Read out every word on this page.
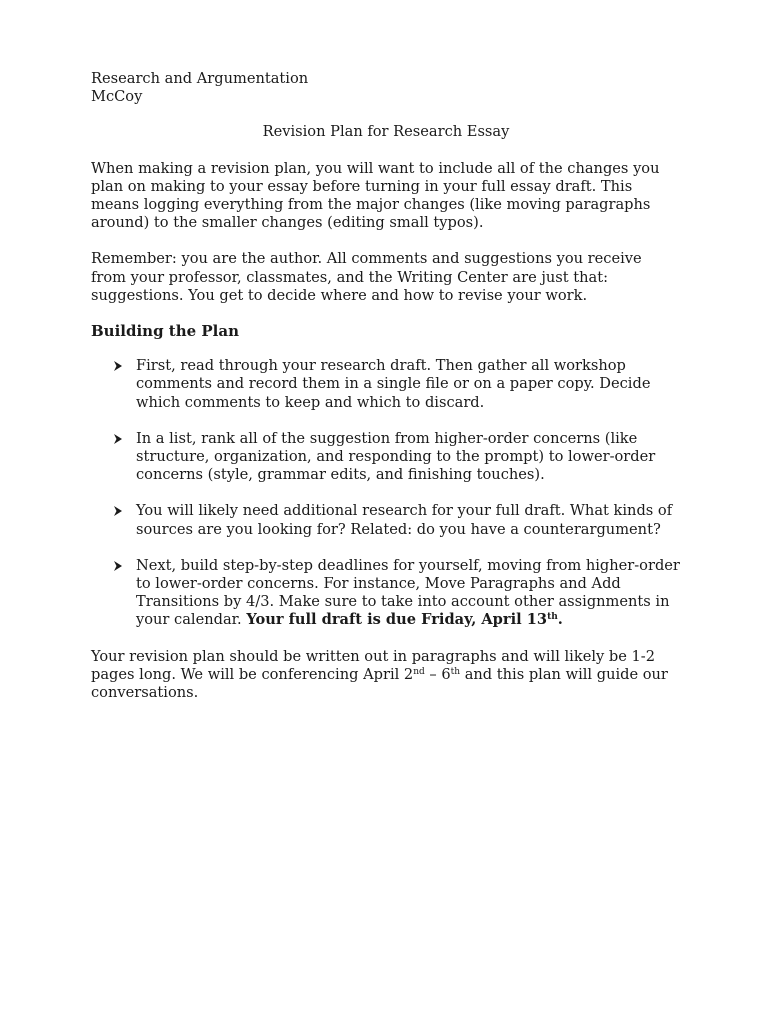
Research and Argumentation
McCoy

Revision Plan for Research Essay

When making a revision plan, you will want to include all of the changes you plan on making to your essay before turning in your full essay draft. This means logging everything from the major changes (like moving paragraphs around) to the smaller changes (editing small typos).

Remember: you are the author. All comments and suggestions you receive from your professor, classmates, and the Writing Center are just that: suggestions. You get to decide where and how to revise your work.

Building the Plan

First, read through your research draft. Then gather all workshop comments and record them in a single file or on a paper copy. Decide which comments to keep and which to discard.
In a list, rank all of the suggestion from higher-order concerns (like structure, organization, and responding to the prompt) to lower-order concerns (style, grammar edits, and finishing touches).
You will likely need additional research for your full draft. What kinds of sources are you looking for? Related: do you have a counterargument?
Next, build step-by-step deadlines for yourself, moving from higher-order to lower-order concerns. For instance, Move Paragraphs and Add Transitions by 4/3. Make sure to take into account other assignments in your calendar. Your full draft is due Friday, April 13th.

Your revision plan should be written out in paragraphs and will likely be 1-2 pages long. We will be conferencing April 2nd – 6th and this plan will guide our conversations.
